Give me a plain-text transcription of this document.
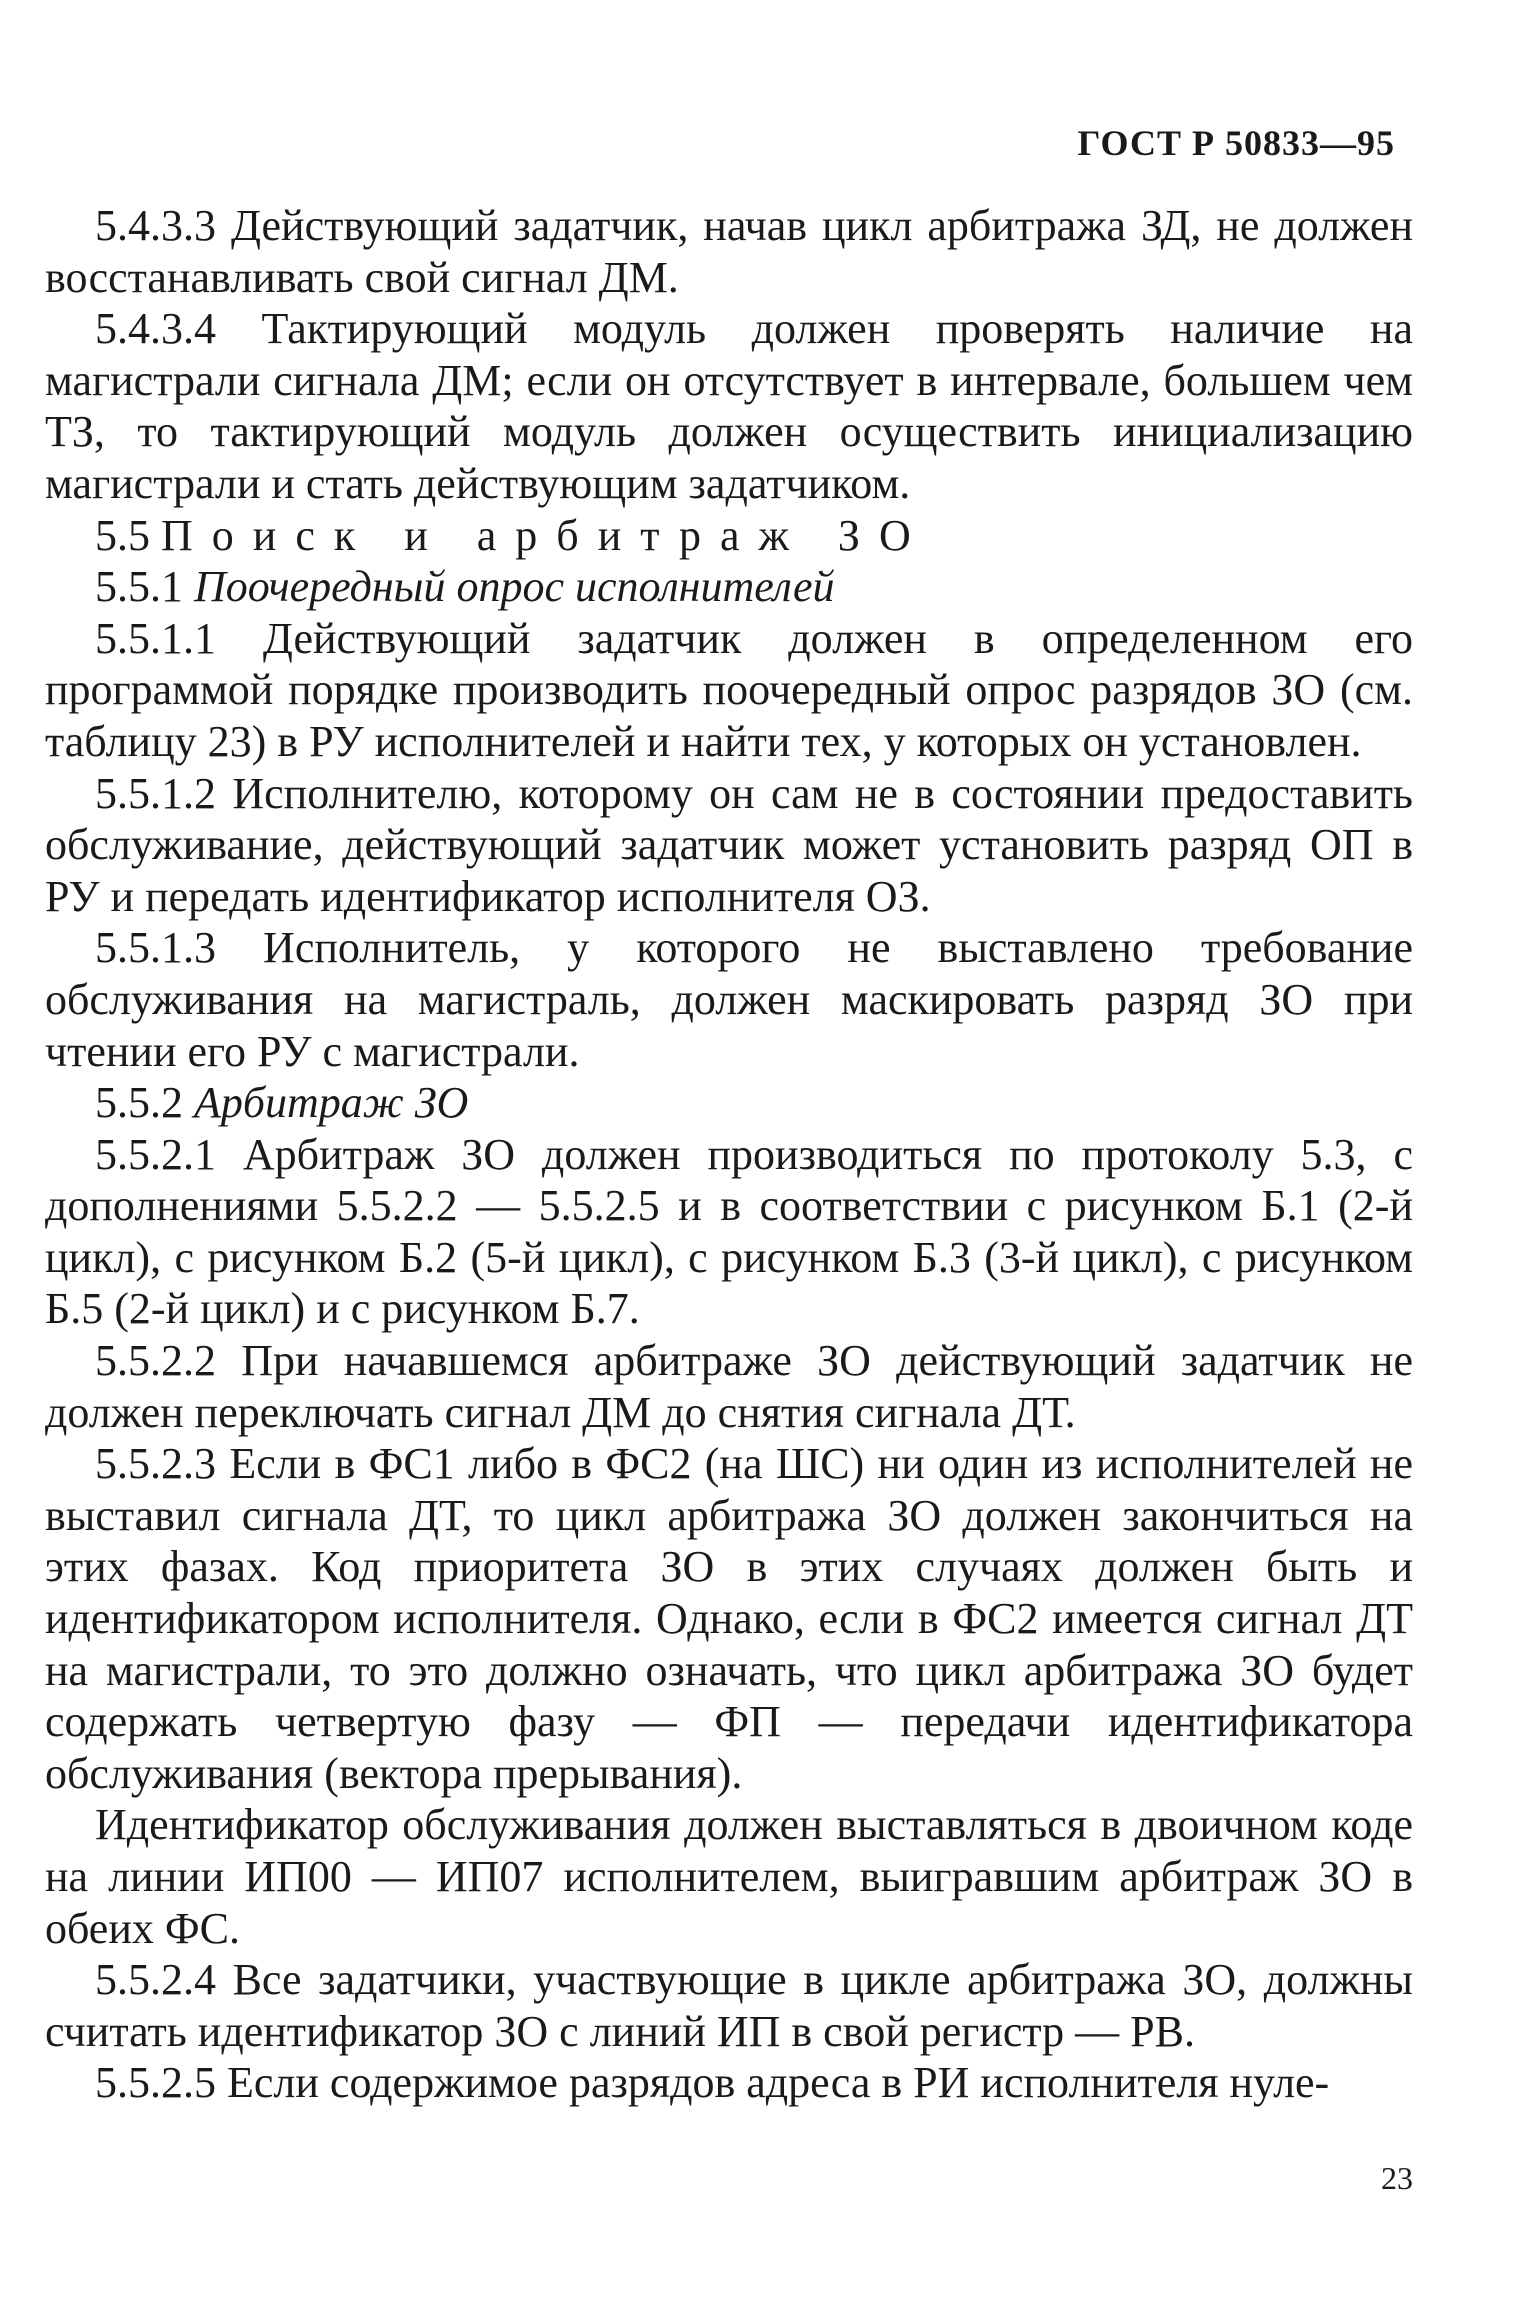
ГОСТ Р 50833—95

5.4.3.3 Действующий задатчик, начав цикл арбитража ЗД, не должен восстанавливать свой сигнал ДМ.

5.4.3.4 Тактирующий модуль должен проверять наличие на магистрали сигнала ДМ; если он отсутствует в интервале, большем чем ТЗ, то тактирующий модуль должен осуществить инициализацию магистрали и стать действующим задатчиком.

5.5 Поиск и арбитраж ЗО

5.5.1 Поочередный опрос исполнителей

5.5.1.1 Действующий задатчик должен в определенном его программой порядке производить поочередный опрос разрядов ЗО (см. таблицу 23) в РУ исполнителей и найти тех, у которых он установлен.

5.5.1.2 Исполнителю, которому он сам не в состоянии предоставить обслуживание, действующий задатчик может установить разряд ОП в РУ и передать идентификатор исполнителя ОЗ.

5.5.1.3 Исполнитель, у которого не выставлено требование обслуживания на магистраль, должен маскировать разряд ЗО при чтении его РУ с магистрали.

5.5.2 Арбитраж ЗО

5.5.2.1 Арбитраж ЗО должен производиться по протоколу 5.3, с дополнениями 5.5.2.2 — 5.5.2.5 и в соответствии с рисунком Б.1 (2-й цикл), с рисунком Б.2 (5-й цикл), с рисунком Б.3 (3-й цикл), с рисунком Б.5 (2-й цикл) и с рисунком Б.7.

5.5.2.2 При начавшемся арбитраже ЗО действующий задатчик не должен переключать сигнал ДМ до снятия сигнала ДТ.

5.5.2.3 Если в ФС1 либо в ФС2 (на ШС) ни один из исполнителей не выставил сигнала ДТ, то цикл арбитража ЗО должен закончиться на этих фазах. Код приоритета ЗО в этих случаях должен быть и идентификатором исполнителя. Однако, если в ФС2 имеется сигнал ДТ на магистрали, то это должно означать, что цикл арбитража ЗО будет содержать четвертую фазу — ФП — передачи идентификатора обслуживания (вектора прерывания).

Идентификатор обслуживания должен выставляться в двоичном коде на линии ИП00 — ИП07 исполнителем, выигравшим арбитраж ЗО в обеих ФС.

5.5.2.4 Все задатчики, участвующие в цикле арбитража ЗО, должны считать идентификатор ЗО с линий ИП в свой регистр — РВ.

5.5.2.5 Если содержимое разрядов адреса в РИ исполнителя нуле-

23
